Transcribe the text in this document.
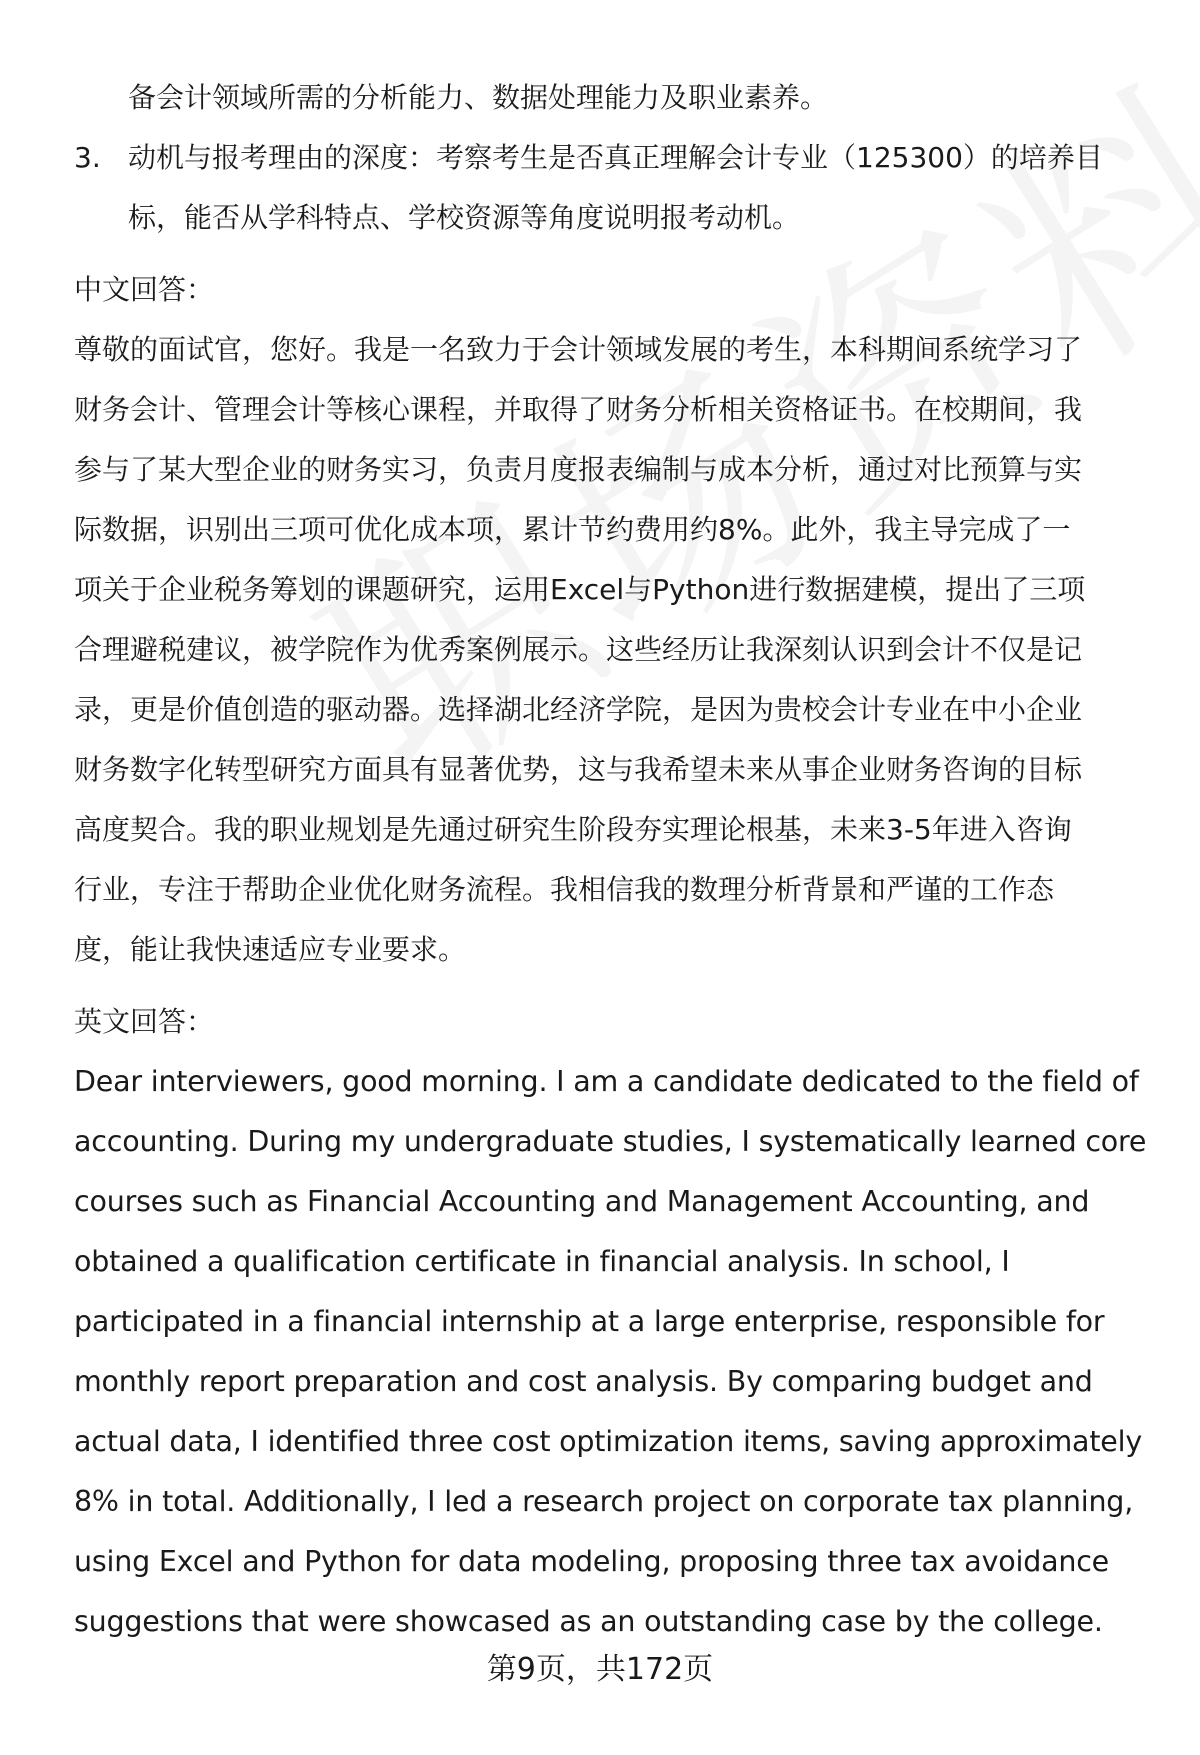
备会计领域所需的分析能力、数据处理能力及职业素养。
3. 动机与报考理由的深度：考察考生是否真正理解会计专业（125300）的培养目
标，能否从学科特点、学校资源等角度说明报考动机。
中文回答：
尊敬的面试官，您好。我是一名致力于会计领域发展的考生，本科期间系统学习了
财务会计、管理会计等核心课程，并取得了财务分析相关资格证书。在校期间，我
参与了某大型企业的财务实习，负责月度报表编制与成本分析，通过对比预算与实
际数据，识别出三项可优化成本项，累计节约费用约8%。此外，我主导完成了一
项关于企业税务筹划的课题研究，运用Excel与Python进行数据建模，提出了三项
合理避税建议，被学院作为优秀案例展示。这些经历让我深刻认识到会计不仅是记
录，更是价值创造的驱动器。选择湖北经济学院，是因为贵校会计专业在中小企业
财务数字化转型研究方面具有显著优势，这与我希望未来从事企业财务咨询的目标
高度契合。我的职业规划是先通过研究生阶段夯实理论根基，未来3-5年进入咨询
行业，专注于帮助企业优化财务流程。我相信我的数理分析背景和严谨的工作态
度，能让我快速适应专业要求。
英文回答：
Dear interviewers, good morning. I am a candidate dedicated to the field of
accounting. During my undergraduate studies, I systematically learned core
courses such as Financial Accounting and Management Accounting, and
obtained a qualification certificate in financial analysis. In school, I
participated in a financial internship at a large enterprise, responsible for
monthly report preparation and cost analysis. By comparing budget and
actual data, I identified three cost optimization items, saving approximately
8% in total. Additionally, I led a research project on corporate tax planning,
using Excel and Python for data modeling, proposing three tax avoidance
suggestions that were showcased as an outstanding case by the college.
第9页，共172页
